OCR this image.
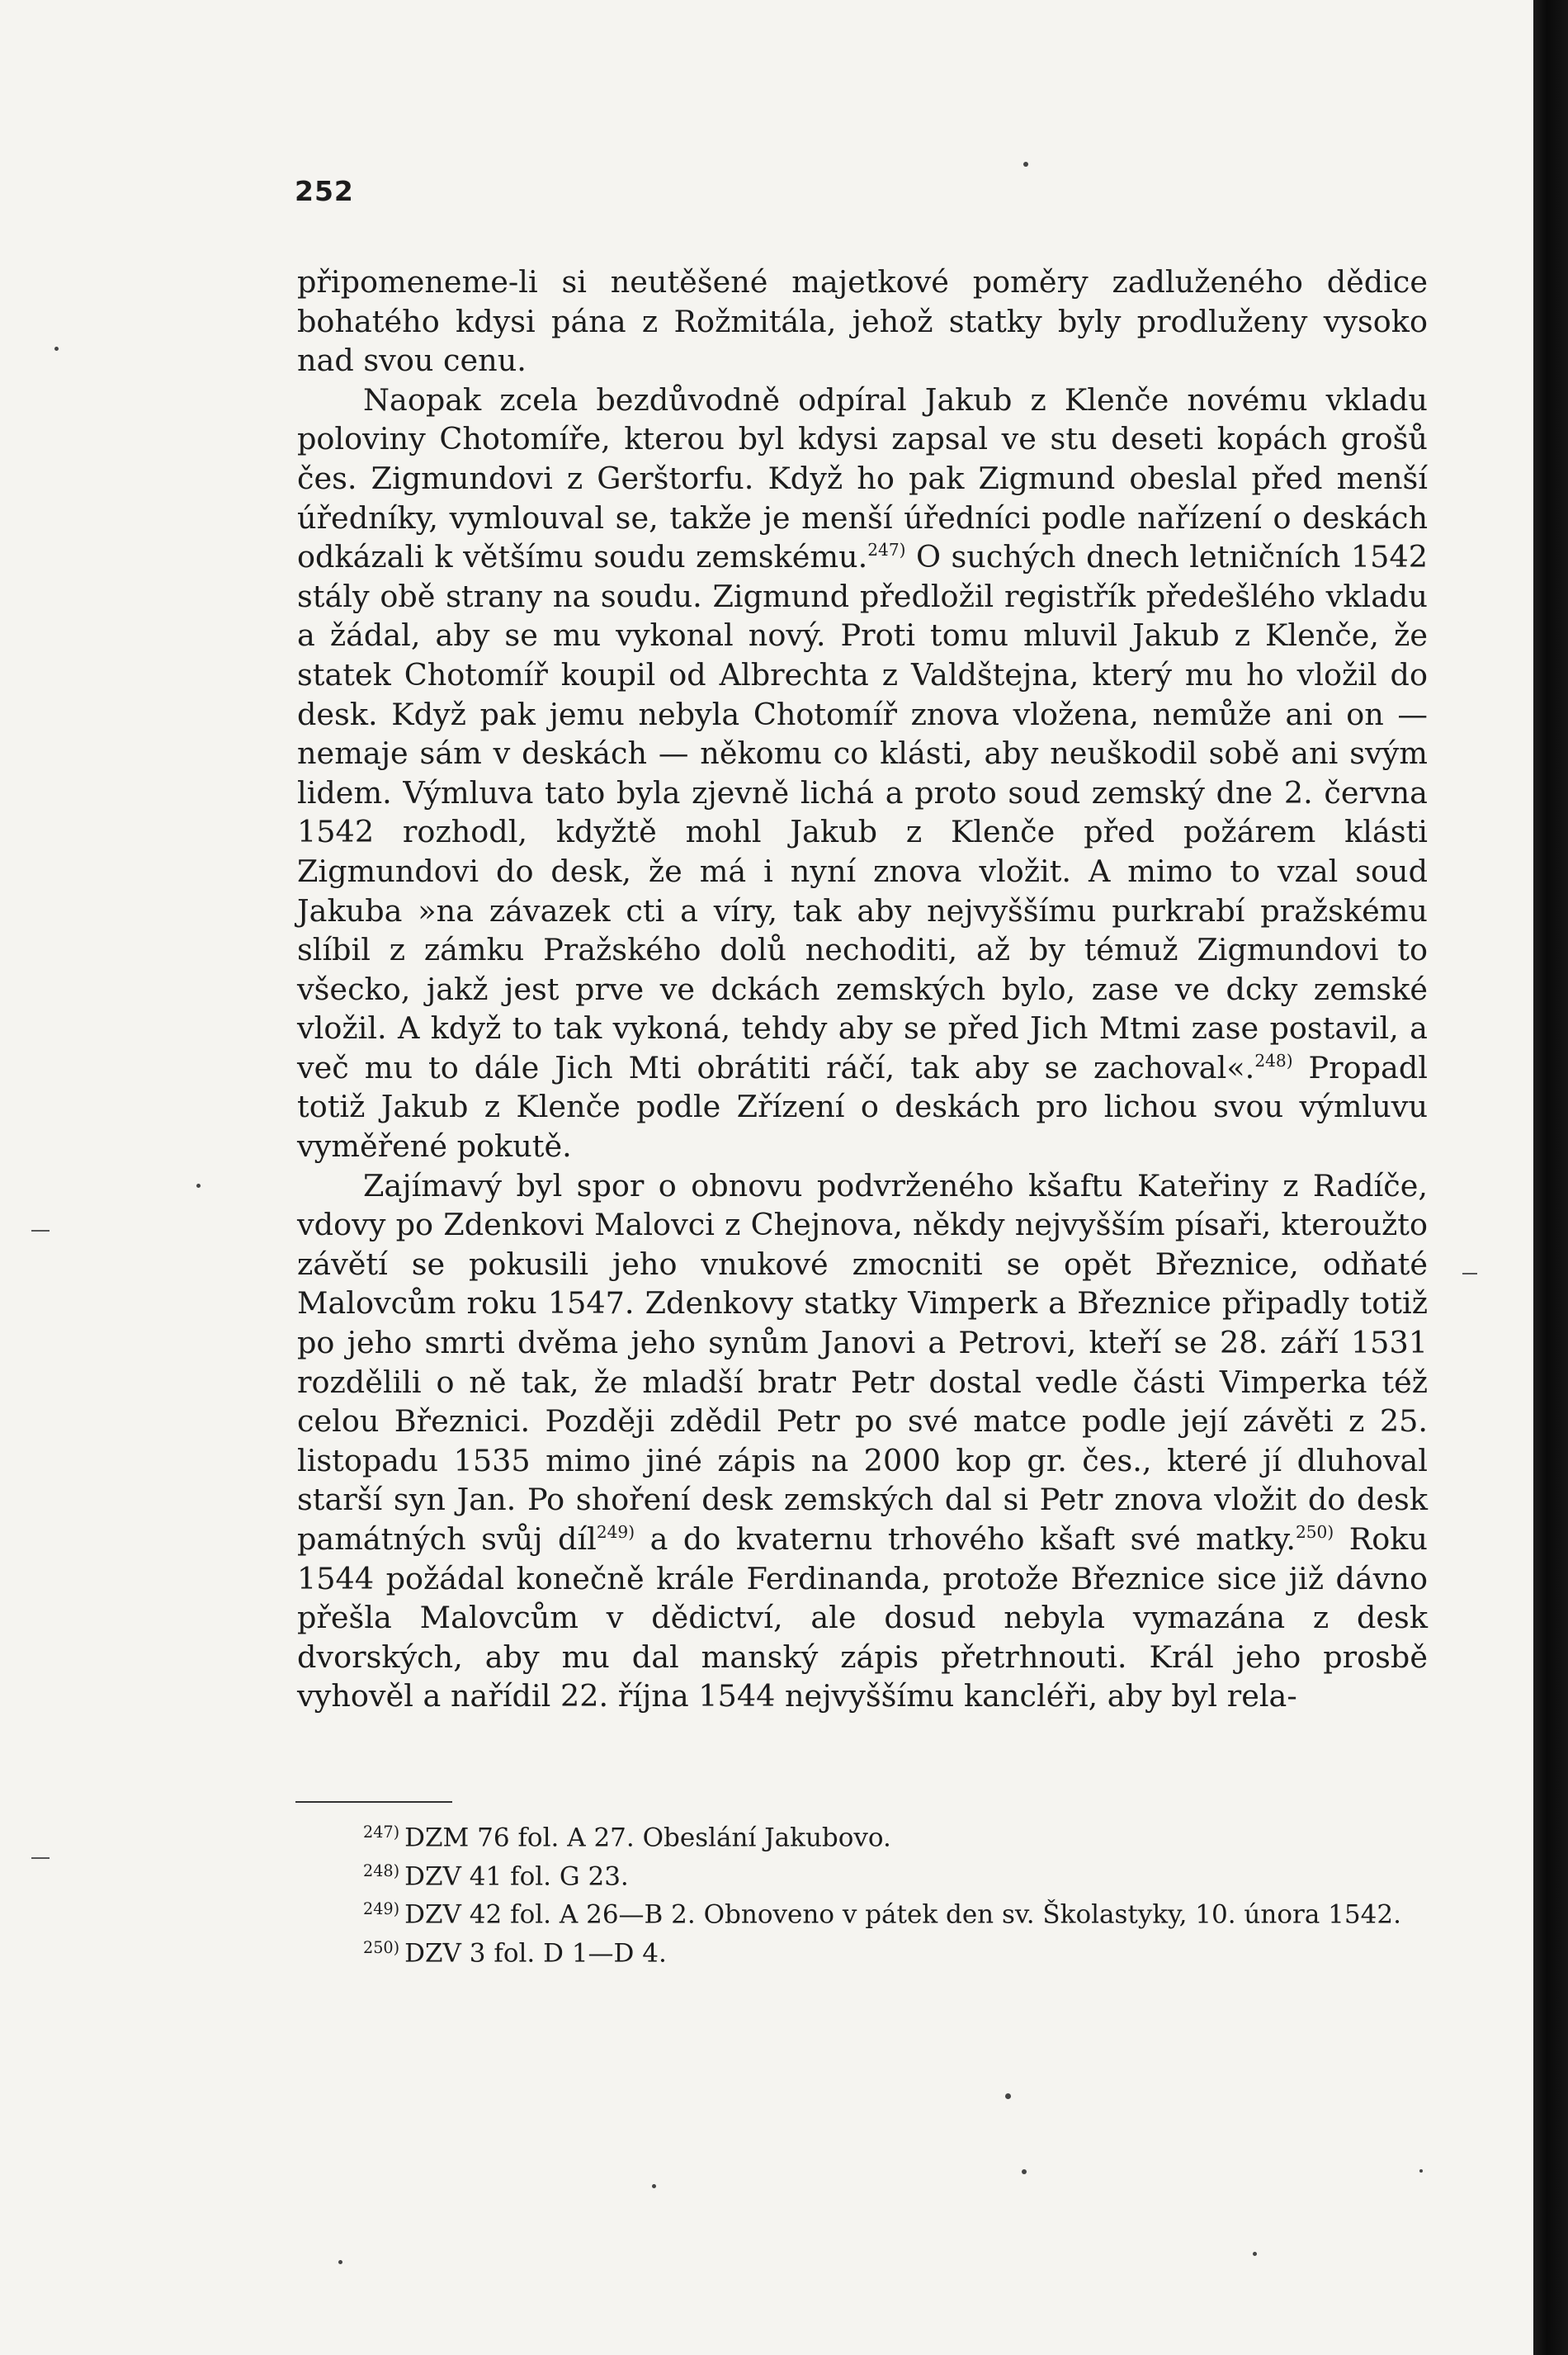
252

připomeneme-li si neutěšené majetkové poměry zadluženého dědice bohatého kdysi pána z Rožmitála, jehož statky byly prodluženy vysoko nad svou cenu.

Naopak zcela bezdůvodně odpíral Jakub z Klenče novému vkladu poloviny Chotomíře, kterou byl kdysi zapsal ve stu deseti kopách grošů čes. Zigmundovi z Gerštorfu. Když ho pak Zigmund obeslal před menší úředníky, vymlouval se, takže je menší úředníci podle nařízení o deskách odkázali k většímu soudu zemskému.$^{247)}$ O suchých dnech letničních 1542 stály obě strany na soudu. Zigmund předložil registřík předešlého vkladu a žádal, aby se mu vykonal nový. Proti tomu mluvil Jakub z Klenče, že statek Chotomíř koupil od Albrechta z Valdštejna, který mu ho vložil do desk. Když pak jemu nebyla Chotomíř znova vložena, nemůže ani on — nemaje sám v deskách — někomu co klásti, aby neuškodil sobě ani svým lidem. Výmluva tato byla zjevně lichá a proto soud zemský dne 2. června 1542 rozhodl, kdyžtě mohl Jakub z Klenče před požárem klásti Zigmundovi do desk, že má i nyní znova vložit. A mimo to vzal soud Jakuba »na závazek cti a víry, tak aby nejvyššímu purkrabí pražskému slíbil z zámku Pražského dolů nechoditi, až by témuž Zigmundovi to všecko, jakž jest prve ve dckách zemských bylo, zase ve dcky zemské vložil. A když to tak vykoná, tehdy aby se před Jich Mtmi zase postavil, a več mu to dále Jich Mti obrátiti ráčí, tak aby se zachoval«.$^{248)}$ Propadl totiž Jakub z Klenče podle Zřízení o deskách pro lichou svou výmluvu vyměřené pokutě.

Zajímavý byl spor o obnovu podvrženého kšaftu Kateřiny z Radíče, vdovy po Zdenkovi Malovci z Chejnova, někdy nejvyšším písaři, kteroužto závětí se pokusili jeho vnukové zmocniti se opět Březnice, odňaté Malovcům roku 1547. Zdenkovy statky Vimperk a Březnice připadly totiž po jeho smrti dvěma jeho synům Janovi a Petrovi, kteří se 28. září 1531 rozdělili o ně tak, že mladší bratr Petr dostal vedle části Vimperka též celou Březnici. Později zdědil Petr po své matce podle její závěti z 25. listopadu 1535 mimo jiné zápis na 2000 kop gr. čes., které jí dluhoval starší syn Jan. Po shoření desk zemských dal si Petr znova vložit do desk památných svůj díl$^{249)}$ a do kvaternu trhového kšaft své matky.$^{250)}$ Roku 1544 požádal konečně krále Ferdinanda, protože Březnice sice již dávno přešla Malovcům v dědictví, ale dosud nebyla vymazána z desk dvorských, aby mu dal manský zápis přetrhnouti. Král jeho prosbě vyhověl a nařídil 22. října 1544 nejvyššímu kancléři, aby byl rela-

$^{247)}$ DZM 76 fol. A 27. Obeslání Jakubovo.

$^{248)}$ DZV 41 fol. G 23.

$^{249)}$ DZV 42 fol. A 26—B 2. Obnoveno v pátek den sv. Školastyky, 10. února 1542.

$^{250)}$ DZV 3 fol. D 1—D 4.
